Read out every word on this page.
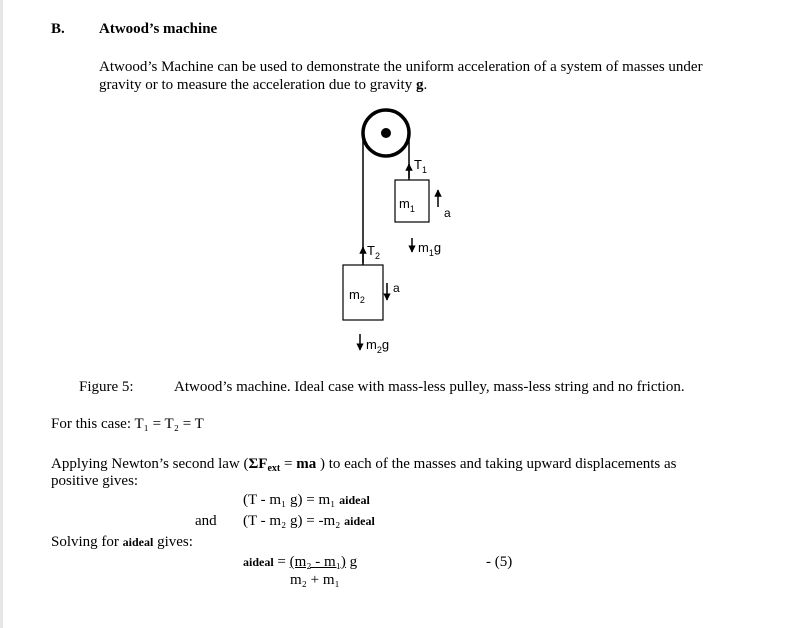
B. Atwood’s machine
Atwood’s Machine can be used to demonstrate the uniform acceleration of a system of masses under
gravity or to measure the acceleration due to gravity g.
$T_1$
$T_2$
$m_1$
$m_2$
a
a
$m_1g$
$m_2g$
Figure 5:	Atwood’s machine. Ideal case with mass-less pulley, mass-less string and no friction.
For this case: T₁ = T₂ = T
Applying Newton’s second law ($\Sigma F_{ext}$ = ma ) to each of the masses and taking upward displacements as
positive gives:
(T - m₁ g) = m₁ aideal
and (T - m₂ g) = -m₂ aideal
Solving for aideal gives:
aideal = (m₂ - m₁) g
m₂ + m₁
- (5)
